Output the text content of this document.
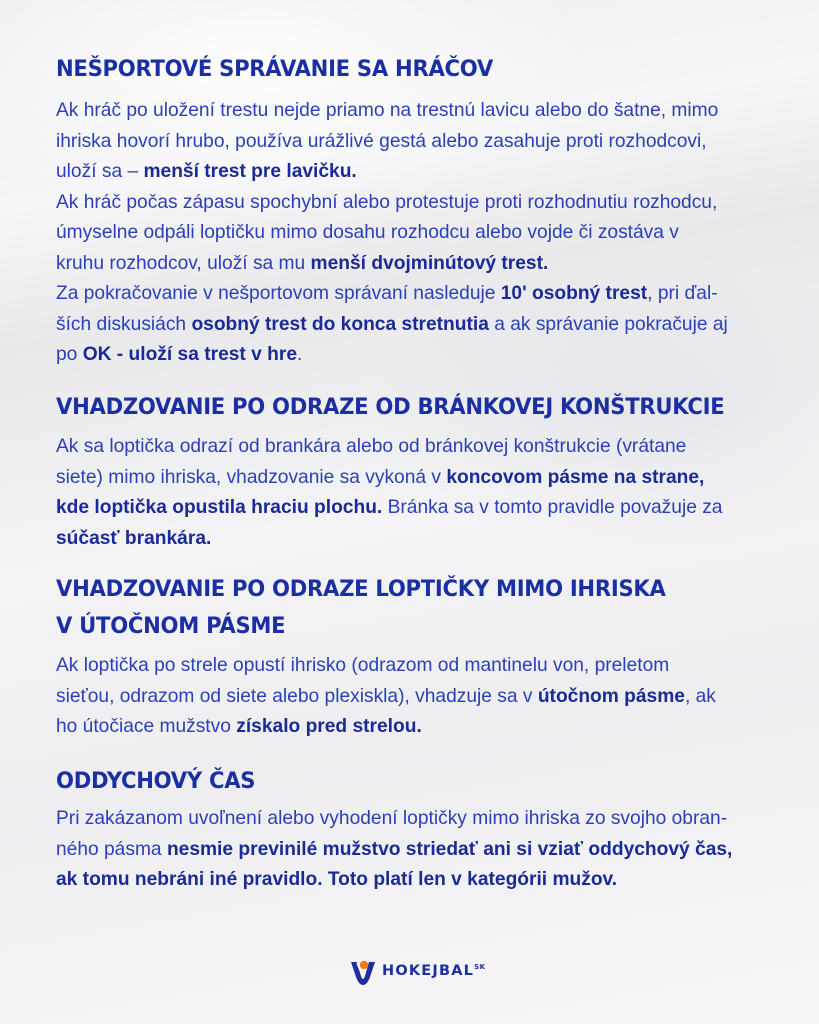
NEŠPORTOVÉ SPRÁVANIE SA HRÁČOV

Ak hráč po uložení trestu nejde priamo na trestnú lavicu alebo do šatne, mimo
ihriska hovorí hrubo, používa urážlivé gestá alebo zasahuje proti rozhodcovi,
uloží sa – menší trest pre lavičku.
Ak hráč počas zápasu spochybní alebo protestuje proti rozhodnutiu rozhodcu,
úmyselne odpáli loptičku mimo dosahu rozhodcu alebo vojde či zostáva v
kruhu rozhodcov, uloží sa mu menší dvojminútový trest.
Za pokračovanie v nešportovom správaní nasleduje 10' osobný trest, pri ďal-
ších diskusiách osobný trest do konca stretnutia a ak správanie pokračuje aj
po OK - uloží sa trest v hre.

VHADZOVANIE PO ODRAZE OD BRÁNKOVEJ KONŠTRUKCIE

Ak sa loptička odrazí od brankára alebo od bránkovej konštrukcie (vrátane
siete) mimo ihriska, vhadzovanie sa vykoná v koncovom pásme na strane,
kde loptička opustila hraciu plochu. Bránka sa v tomto pravidle považuje za
súčasť brankára.

VHADZOVANIE PO ODRAZE LOPTIČKY MIMO IHRISKA
V ÚTOČNOM PÁSME

Ak loptička po strele opustí ihrisko (odrazom od mantinelu von, preletom
sieťou, odrazom od siete alebo plexiskla), vhadzuje sa v útočnom pásme, ak
ho útočiace mužstvo získalo pred strelou.

ODDYCHOVÝ ČAS

Pri zakázanom uvoľnení alebo vyhodení loptičky mimo ihriska zo svojho obran-
ného pásma nesmie previnilé mužstvo striedať ani si vziať oddychový čas,
ak tomu nebráni iné pravidlo. Toto platí len v kategórii mužov.

$HOKEJBAL^{SK}$
